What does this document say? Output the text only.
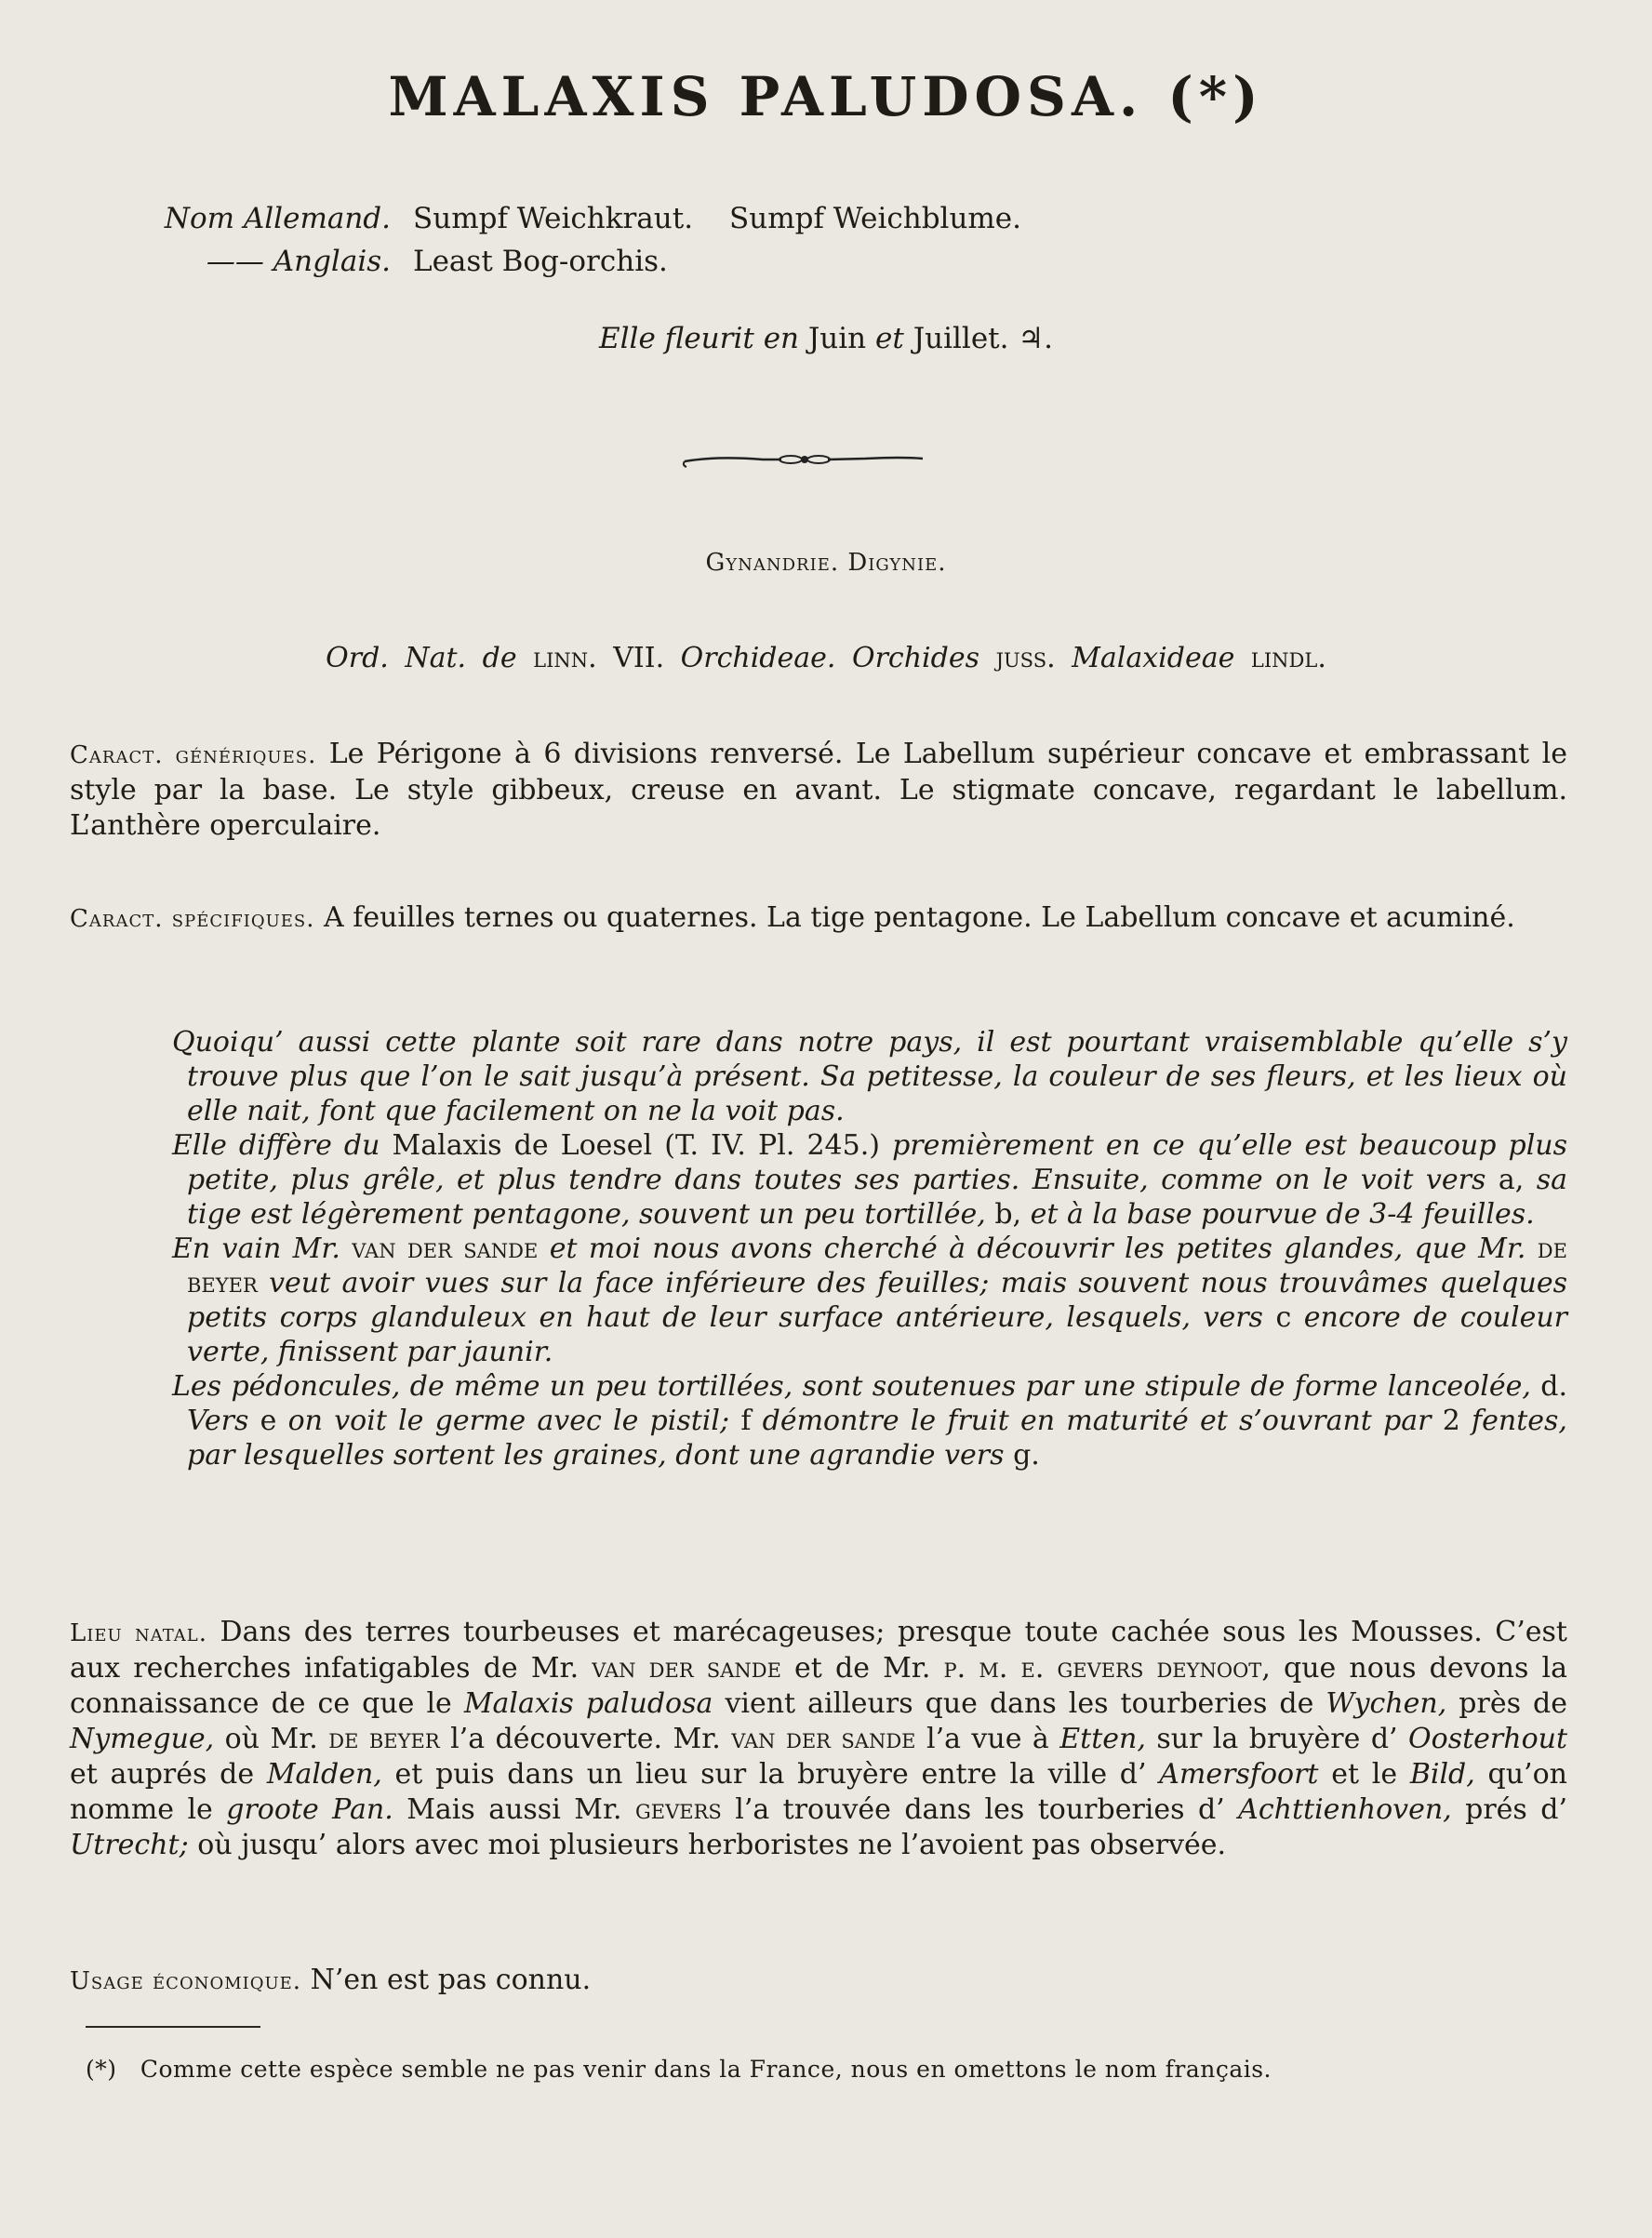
MALAXIS PALUDOSA. (*)
Nom Allemand. Sumpf Weichkraut. Sumpf Weichblume.
—— Anglais. Least Bog-orchis.
Elle fleurit en Juin et Juillet. ♃.
Gynandrie. Digynie.
Ord. Nat. de linn. VII. Orchideae. Orchides juss. Malaxideae lindl.
Caract. génériques. Le Périgone à 6 divisions renversé. Le Labellum supérieur concave et embrassant le style par la base. Le style gibbeux, creuse en avant. Le stigmate concave, regardant le labellum. L’anthère operculaire.
Caract. spécifiques. A feuilles ternes ou quaternes. La tige pentagone. Le Labellum concave et acuminé.

Quoiqu’ aussi cette plante soit rare dans notre pays, il est pourtant vraisemblable qu’elle s’y trouve plus que l’on le sait jusqu’à présent. Sa petitesse, la couleur de ses fleurs, et les lieux où elle nait, font que facilement on ne la voit pas.

Elle diffère du Malaxis de Loesel (T. IV. Pl. 245.) premièrement en ce qu’elle est beaucoup plus petite, plus grêle, et plus tendre dans toutes ses parties. Ensuite, comme on le voit vers a, sa tige est légèrement pentagone, souvent un peu tortillée, b, et à la base pourvue de 3-4 feuilles.

En vain Mr. van der sande et moi nous avons cherché à découvrir les petites glandes, que Mr. de beyer veut avoir vues sur la face inférieure des feuilles; mais souvent nous trouvâmes quelques petits corps glanduleux en haut de leur surface antérieure, lesquels, vers c encore de couleur verte, finissent par jaunir.

Les pédoncules, de même un peu tortillées, sont soutenues par une stipule de forme lanceolée, d. Vers e on voit le germe avec le pistil; f démontre le fruit en maturité et s’ouvrant par 2 fentes, par lesquelles sortent les graines, dont une agrandie vers g.

Lieu natal. Dans des terres tourbeuses et marécageuses; presque toute cachée sous les Mousses. C’est aux recherches infatigables de Mr. van der sande et de Mr. p. m. e. gevers deynoot, que nous devons la connaissance de ce que le Malaxis paludosa vient ailleurs que dans les tourberies de Wychen, près de Nymegue, où Mr. de beyer l’a découverte. Mr. van der sande l’a vue à Etten, sur la bruyère d’ Oosterhout et auprés de Malden, et puis dans un lieu sur la bruyère entre la ville d’ Amersfoort et le Bild, qu’on nomme le groote Pan. Mais aussi Mr. gevers l’a trouvée dans les tourberies d’ Achttienhoven, prés d’ Utrecht; où jusqu’ alors avec moi plusieurs herboristes ne l’avoient pas observée.
Usage économique. N’en est pas connu.
(*) Comme cette espèce semble ne pas venir dans la France, nous en omettons le nom français.
